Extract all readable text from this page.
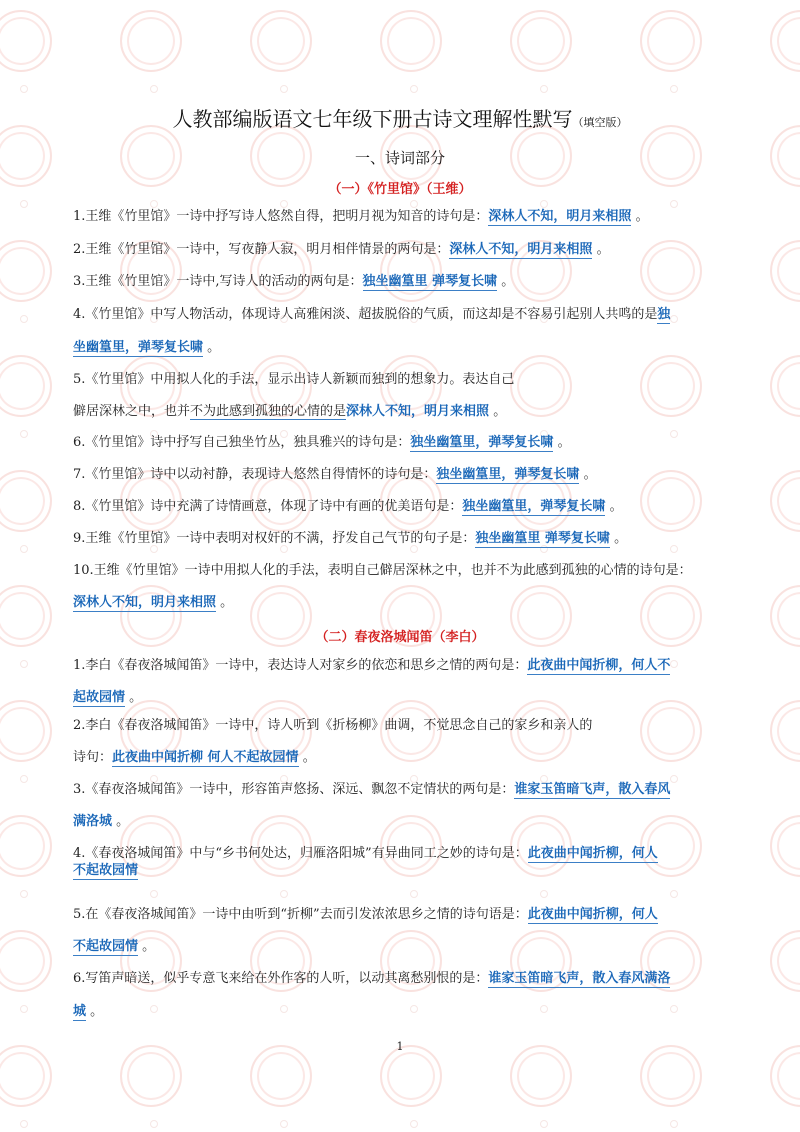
人教部编版语文七年级下册古诗文理解性默写（填空版）
一、诗词部分
（一）《竹里馆》（王维）
1.王维《竹里馆》一诗中抒写诗人悠然自得，把明月视为知音的诗句是：深林人不知，明月来相照 。
2.王维《竹里馆》一诗中，写夜静人寂，明月相伴情景的两句是：深林人不知，明月来相照 。
3.王维《竹里馆》一诗中,写诗人的活动的两句是：独坐幽篁里 弹琴复长啸 。
4.《竹里馆》中写人物活动，体现诗人高雅闲淡、超拔脱俗的气质，而这却是不容易引起别人共鸣的是独
坐幽篁里，弹琴复长啸 。
5.《竹里馆》中用拟人化的手法，显示出诗人新颖而独到的想象力。表达自己
僻居深林之中，也并不为此感到孤独的心情的是深林人不知，明月来相照 。
6.《竹里馆》诗中抒写自己独坐竹丛，独具雅兴的诗句是：独坐幽篁里，弹琴复长啸 。
7.《竹里馆》诗中以动衬静，表现诗人悠然自得情怀的诗句是：独坐幽篁里，弹琴复长啸 。
8.《竹里馆》诗中充满了诗情画意，体现了诗中有画的优美语句是：独坐幽篁里，弹琴复长啸 。
9.王维《竹里馆》一诗中表明对权奸的不满，抒发自己气节的句子是：独坐幽篁里 弹琴复长啸 。
10.王维《竹里馆》一诗中用拟人化的手法，表明自己僻居深林之中，也并不为此感到孤独的心情的诗句是：
深林人不知，明月来相照 。
（二）春夜洛城闻笛（李白）
1.李白《春夜洛城闻笛》一诗中，表达诗人对家乡的依恋和思乡之情的两句是：此夜曲中闻折柳，何人不
起故园情 。
2.李白《春夜洛城闻笛》一诗中，诗人听到《折杨柳》曲调，不觉思念自己的家乡和亲人的
诗句：此夜曲中闻折柳 何人不起故园情 。
3.《春夜洛城闻笛》一诗中，形容笛声悠扬、深远、飘忽不定情状的两句是：谁家玉笛暗飞声，散入春风
满洛城 。
4.《春夜洛城闻笛》中与“乡书何处达，归雁洛阳城”有异曲同工之妙的诗句是：此夜曲中闻折柳，何人
不起故园情
5.在《春夜洛城闻笛》一诗中由听到“折柳”去而引发浓浓思乡之情的诗句语是：此夜曲中闻折柳，何人
不起故园情 。
6.写笛声暗送，似乎专意飞来给在外作客的人听，以动其离愁别恨的是：谁家玉笛暗飞声，散入春风满洛
城 。
1
